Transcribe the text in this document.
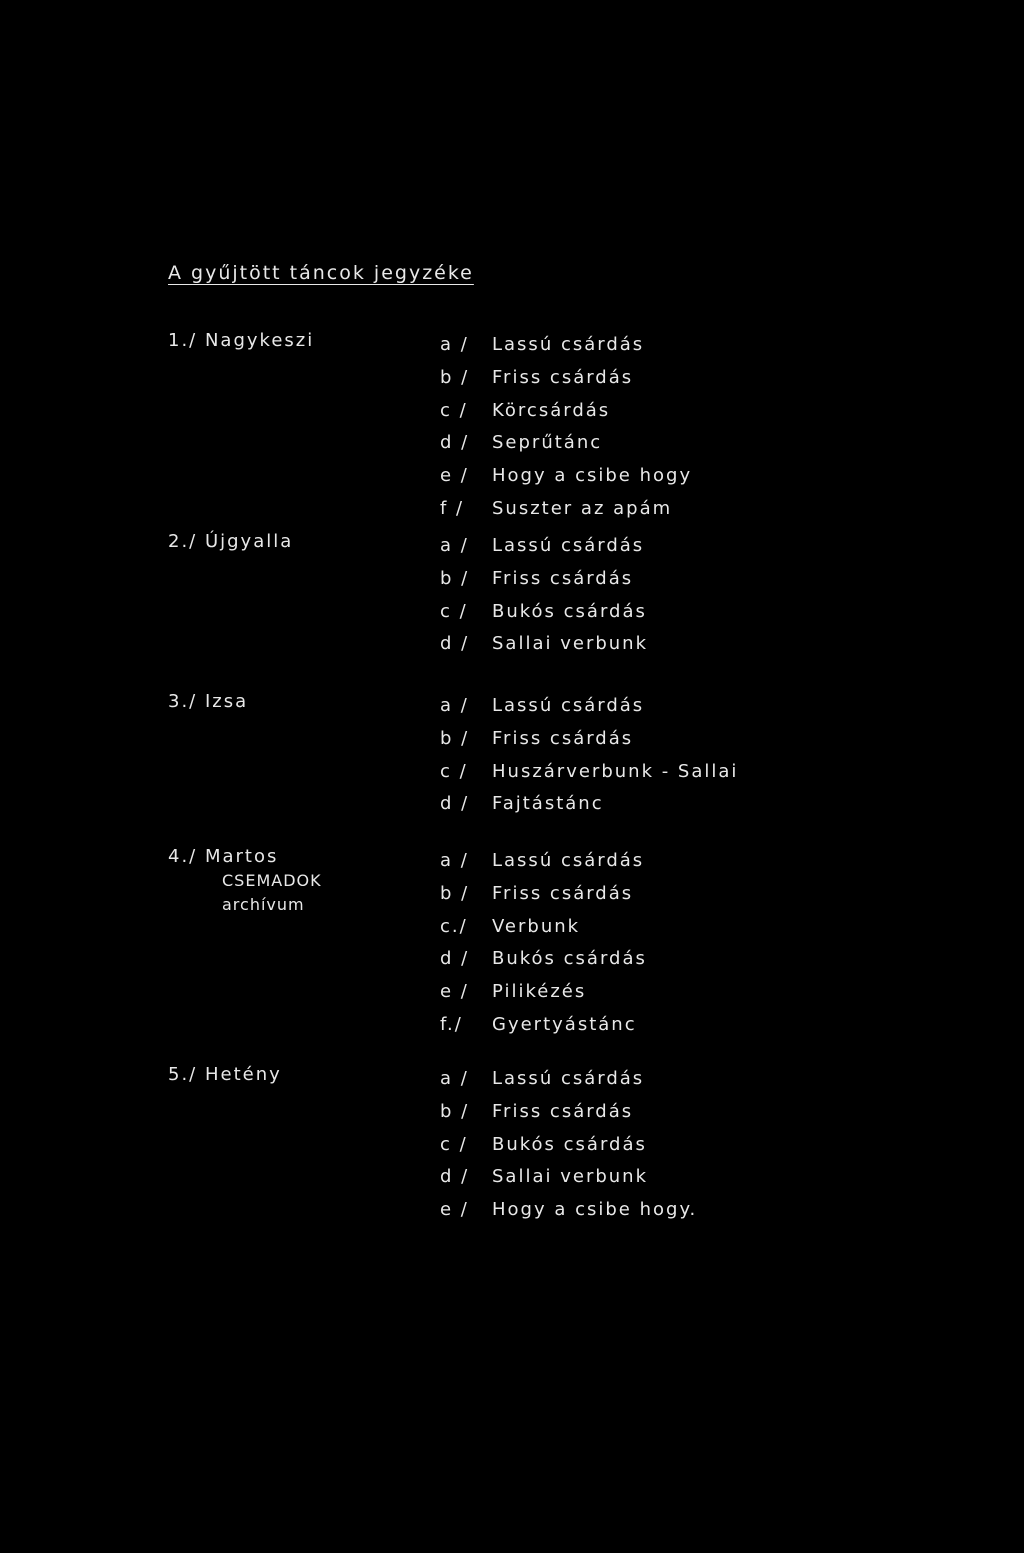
A gyűjtött táncok jegyzéke
1./ Nagykeszi	a / Lassú csárdás
b / Friss csárdás
c / Körcsárdás
d / Seprűtánc
e / Hogy a csibe hogy
f / Suszter az apám
2./ Újgyalla	a / Lassú csárdás
b / Friss csárdás
c / Bukós csárdás
d / Sallai verbunk
3./ Izsa	a / Lassú csárdás
b / Friss csárdás
c / Huszárverbunk - Sallai
d / Fajtástánc
4./ Martos
CSEMADOK archívum
a / Lassú csárdás
b / Friss csárdás
c./ Verbunk
d / Bukós csárdás
e / Pilikézés
f./ Gyertyástánc
5./ Hetény	a / Lassú csárdás
b / Friss csárdás
c / Bukós csárdás
d / Sallai verbunk
e / Hogy a csibe hogy.
